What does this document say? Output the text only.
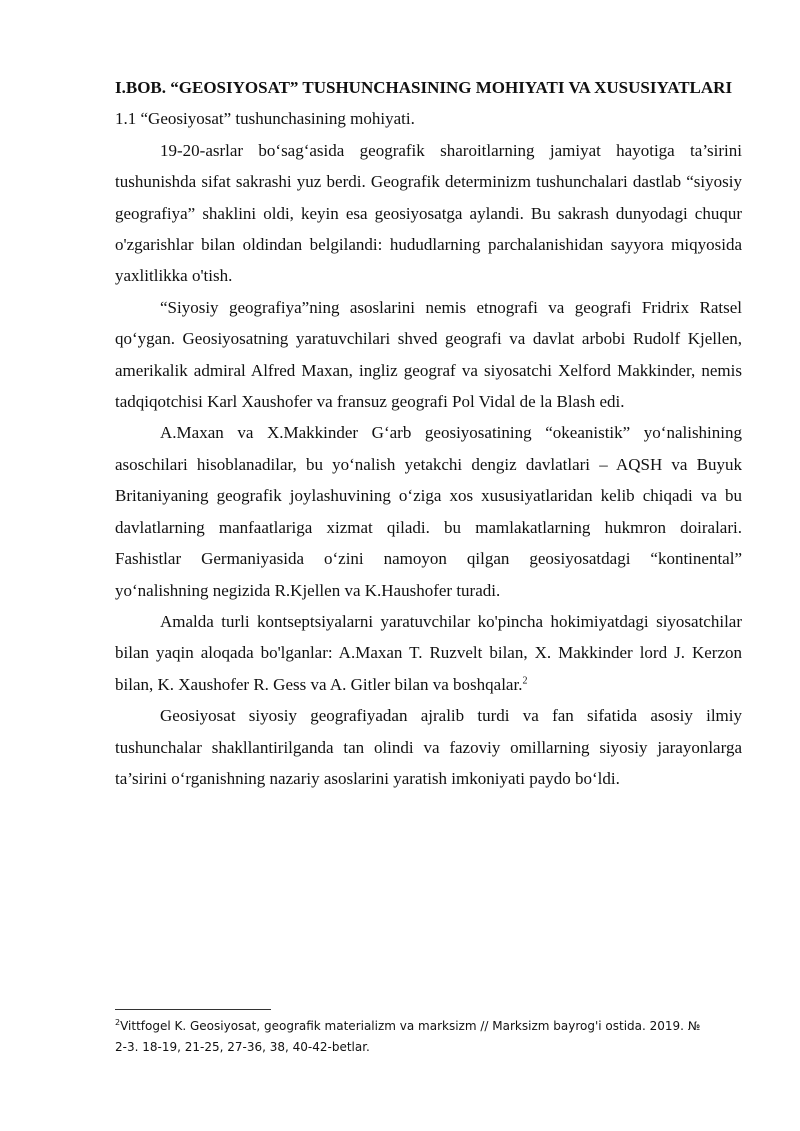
I.BOB. “GEOSIYOSAT” TUSHUNCHASINING MOHIYATI VA XUSUSIYATLARI

1.1 “Geosiyosat” tushunchasining mohiyati.

19-20-asrlar bo‘sag‘asida geografik sharoitlarning jamiyat hayotiga ta’sirini tushunishda sifat sakrashi yuz berdi. Geografik determinizm tushunchalari dastlab “siyosiy geografiya” shaklini oldi, keyin esa geosiyosatga aylandi. Bu sakrash dunyodagi chuqur o'zgarishlar bilan oldindan belgilandi: hududlarning parchalanishidan sayyora miqyosida yaxlitlikka o'tish.

“Siyosiy geografiya”ning asoslarini nemis etnografi va geografi Fridrix Ratsel qo‘ygan. Geosiyosatning yaratuvchilari shved geografi va davlat arbobi Rudolf Kjellen, amerikalik admiral Alfred Maxan, ingliz geograf va siyosatchi Xelford Makkinder, nemis tadqiqotchisi Karl Xaushofer va fransuz geografi Pol Vidal de la Blash edi.

A.Maxan va X.Makkinder G‘arb geosiyosatining “okeanistik” yo‘nalishining asoschilari hisoblanadilar, bu yo‘nalish yetakchi dengiz davlatlari – AQSH va Buyuk Britaniyaning geografik joylashuvining o‘ziga xos xususiyatlaridan kelib chiqadi va bu davlatlarning manfaatlariga xizmat qiladi. bu mamlakatlarning hukmron doiralari. Fashistlar Germaniyasida o‘zini namoyon qilgan geosiyosatdagi “kontinental” yo‘nalishning negizida R.Kjellen va K.Haushofer turadi.

Amalda turli kontseptsiyalarni yaratuvchilar ko'pincha hokimiyatdagi siyosatchilar bilan yaqin aloqada bo'lganlar: A.Maxan T. Ruzvelt bilan, X. Makkinder lord J. Kerzon bilan, K. Xaushofer R. Gess va A. Gitler bilan va boshqalar.$^2$

Geosiyosat siyosiy geografiyadan ajralib turdi va fan sifatida asosiy ilmiy tushunchalar shakllantirilganda tan olindi va fazoviy omillarning siyosiy jarayonlarga ta’sirini o‘rganishning nazariy asoslarini yaratish imkoniyati paydo bo‘ldi.

$^2$Vittfogel K. Geosiyosat, geografik materializm va marksizm // Marksizm bayrog'i ostida. 2019. № 2-3. 18-19, 21-25, 27-36, 38, 40-42-betlar.
